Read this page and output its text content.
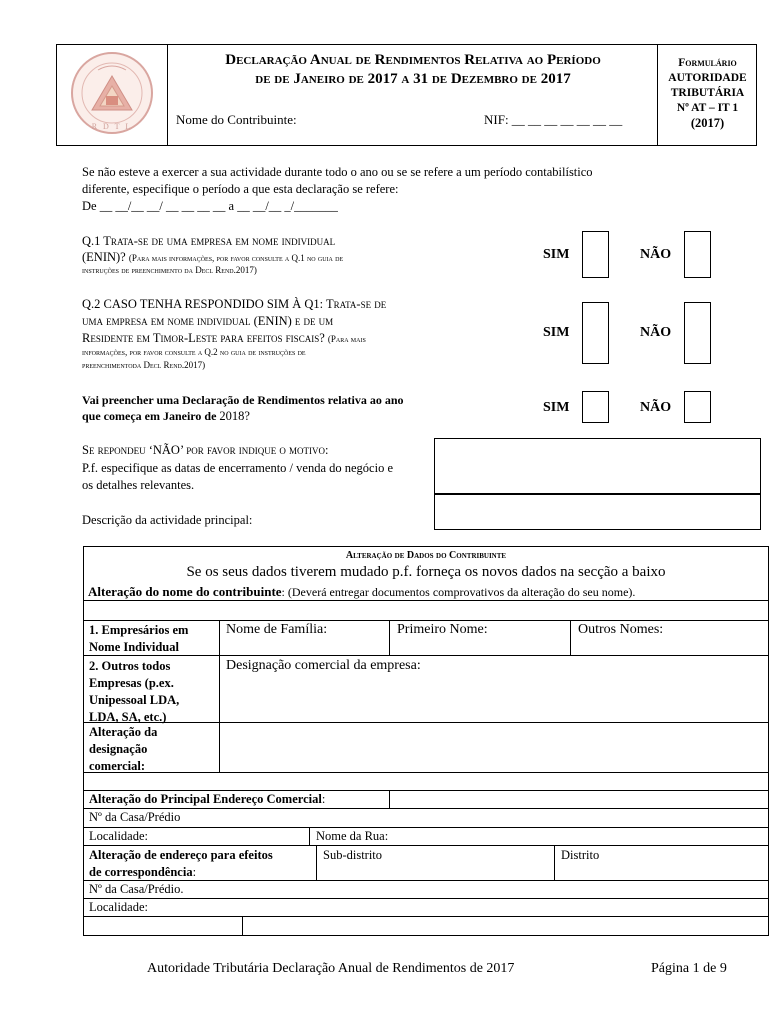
R D T L
Declaração Anual de Rendimentos Relativa ao Período
de de Janeiro de 2017 a 31 de Dezembro de 2017
Nome do Contribuinte:	NIF: __ __ __ __ __ __ __
Formulário
AUTORIDADE
TRIBUTÁRIA
Nº AT – IT 1
(2017)
Se não esteve a exercer a sua actividade durante todo o ano ou se se refere a um período contabilístico
diferente, especifique o período a que esta declaração se refere:
De __ __/__ __/ __ __ __ __ a __ __/__ _/_______
Q.1 Trata-se de uma empresa em nome individual
(ENIN)? (Para mais informações, por favor consulte a Q.1 no guia de
instruções de preenchimento da Decl Rend.2017)
SIM	NÃO
Q.2 CASO TENHA RESPONDIDO SIM À Q1: Trata-se de
uma empresa em nome individual (ENIN) e de um
Residente em Timor-Leste para efeitos fiscais? (Para mais
informações, por favor consulte a Q.2 no guia de instruções de
preenchimentoda Decl Rend.2017)
SIM	NÃO
Vai preencher uma Declaração de Rendimentos relativa ao ano
que começa em Janeiro de 2018?
SIM	NÃO
Se repondeu ‘NÃO’ por favor indique o motivo:
P.f. especifique as datas de encerramento / venda do negócio e
os detalhes relevantes.
Descrição da actividade principal:
Alteração de Dados do Contribuinte
Se os seus dados tiverem mudado p.f. forneça os novos dados na secção a baixo
Alteração do nome do contribuinte: (Deverá entregar documentos comprovativos da alteração do seu nome).
1. Empresários em
Nome Individual
Nome de Família:	Primeiro Nome:	Outros Nomes:
2. Outros todos
Empresas (p.ex.
Unipessoal LDA,
LDA, SA, etc.)
Designação comercial da empresa:
Alteração da
designação
comercial:
Alteração do Principal Endereço Comercial:
Nº da Casa/Prédio
Localidade:	Nome da Rua:
Alteração de endereço para efeitos
de correspondência:
Sub-distrito	Distrito
Nº da Casa/Prédio.
Localidade:
Autoridade Tributária Declaração Anual de Rendimentos de 2017	Página 1 de 9
